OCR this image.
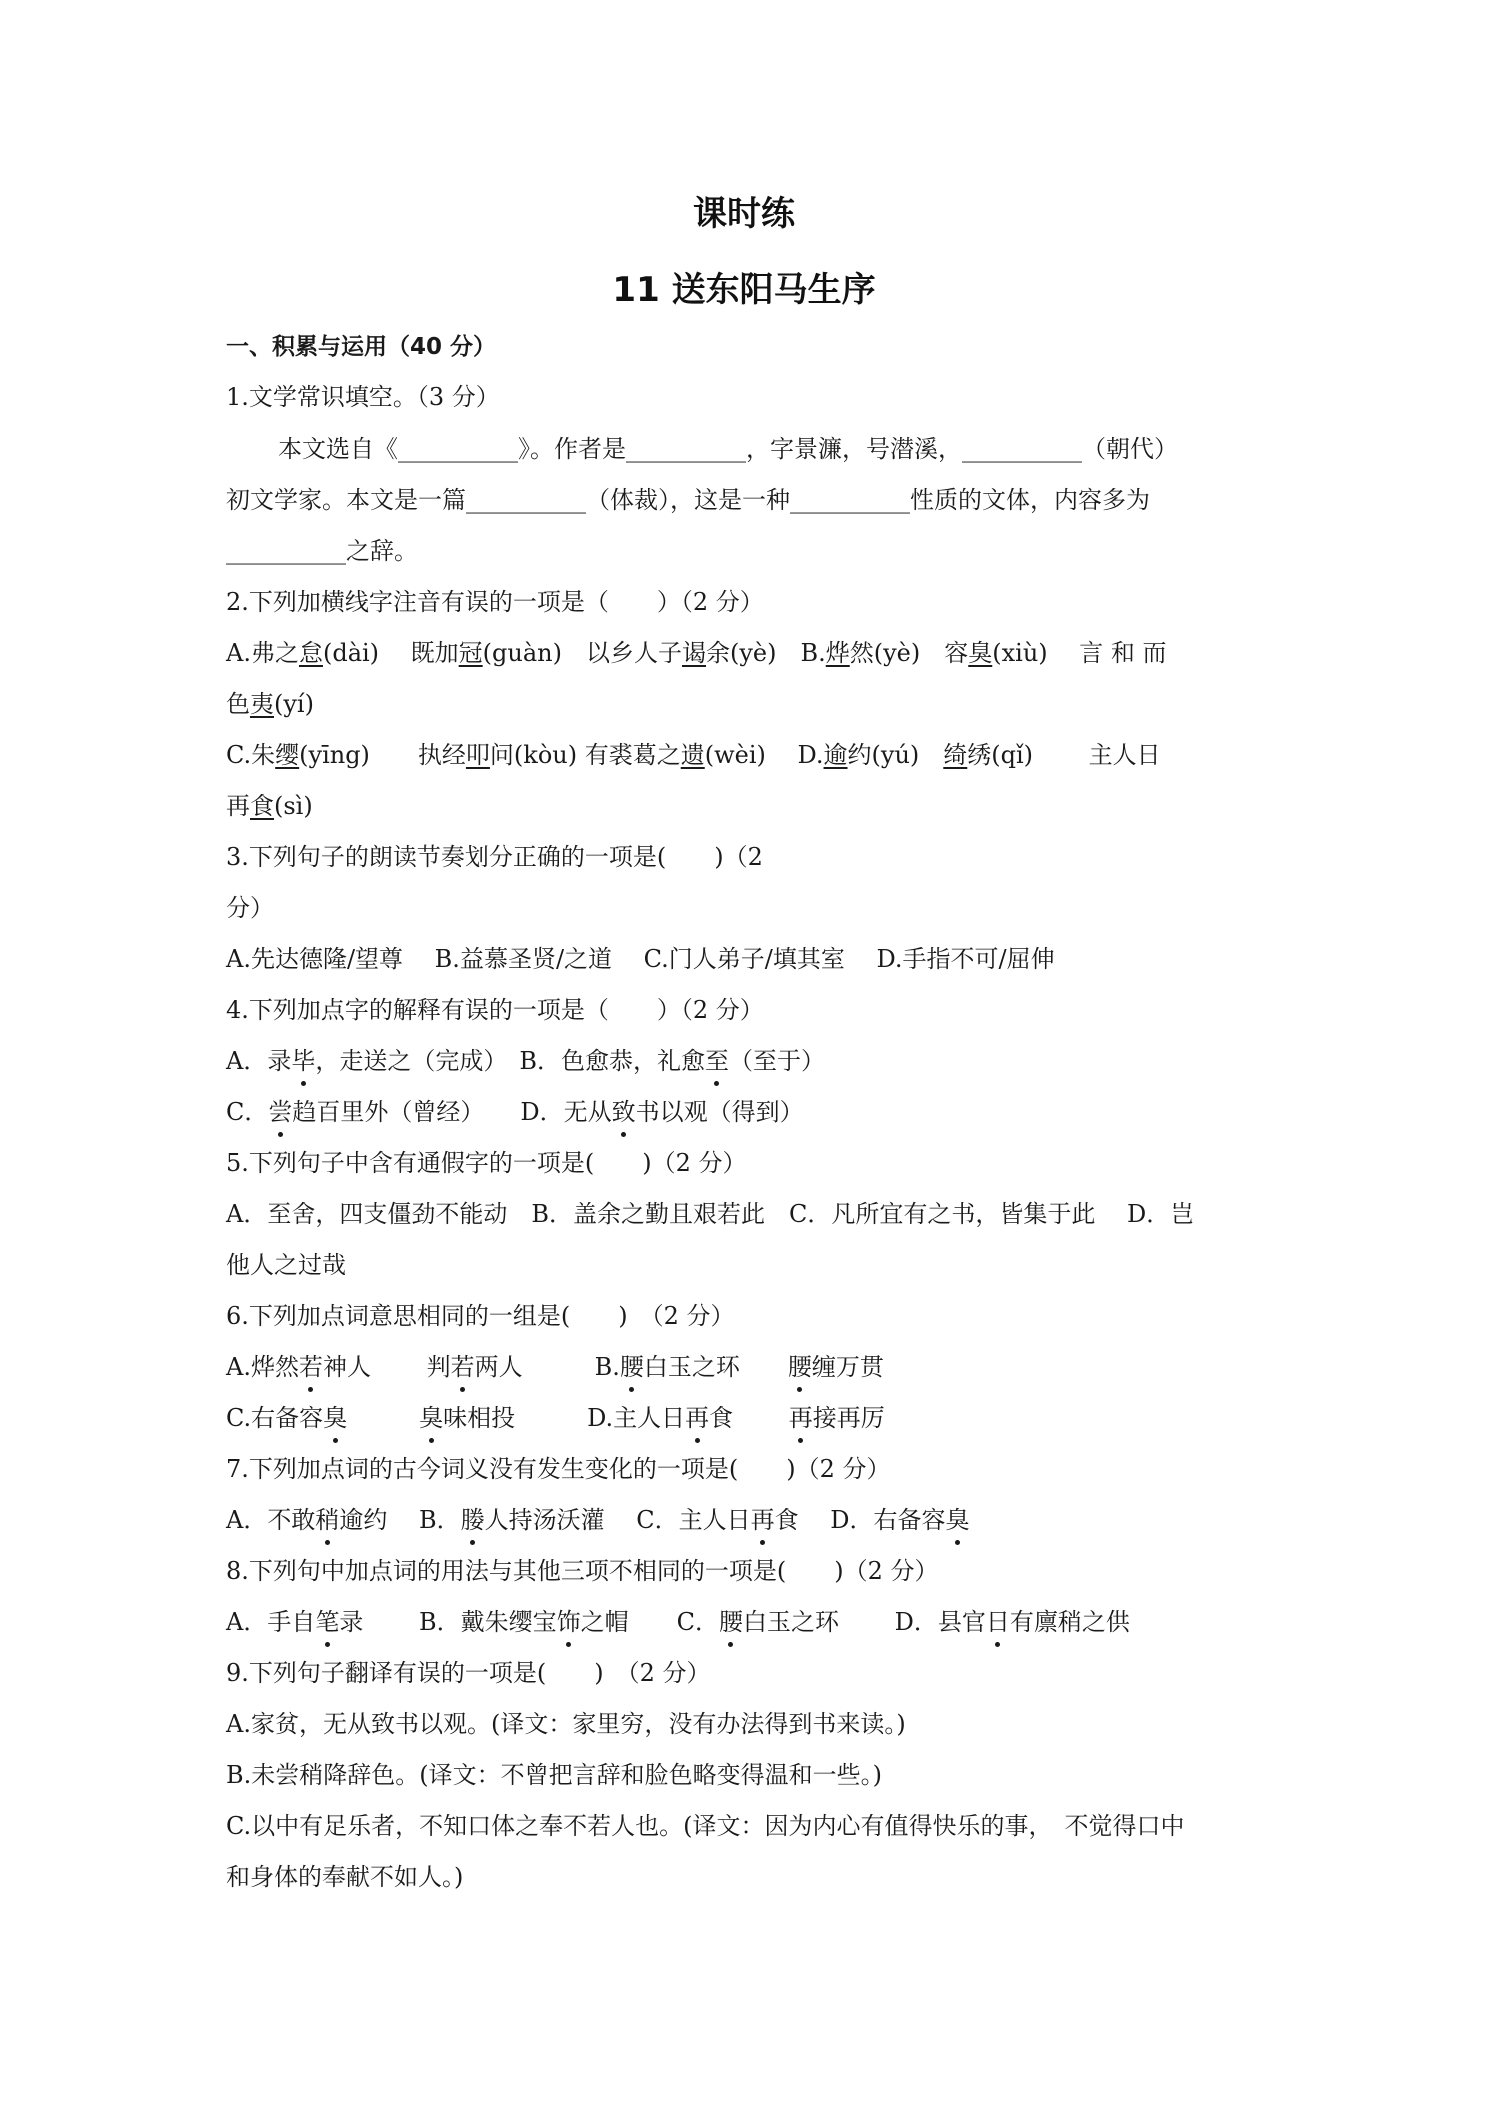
课时练
11 送东阳马生序
一、积累与运用（40 分）
1.文学常识填空。（3 分）
本文选自《__________》。作者是__________，字景濂，号潜溪，__________（朝代）
初文学家。本文是一篇__________（体裁），这是一种__________性质的文体，内容多为
__________之辞。
2.下列加横线字注音有误的一项是（　　）（2 分）
A.弗之怠(dài)　 既加冠(guàn)　以乡人子谒余(yè)　B.烨然(yè)　容臭(xiù)　 言 和 而
色夷(yí)
C.朱缨(yīng)　　执经叩问(kòu) 有裘葛之遗(wèi)　 D.逾约(yú)　绮绣(qǐ)　　 主人日
再食(sì)
3.下列句子的朗读节奏划分正确的一项是(　　)（2
分）
A.先达德隆/望尊　 B.益慕圣贤/之道　 C.门人弟子/填其室　 D.手指不可/屈伸
4.下列加点字的解释有误的一项是（　　）（2 分）
A．录毕，走送之（完成）　B．色愈恭，礼愈至（至于）
C．尝趋百里外（曾经）　　D．无从致书以观（得到）
5.下列句子中含有通假字的一项是(　　)（2 分）
A．至舍，四支僵劲不能动　B．盖余之勤且艰若此　C．凡所宜有之书，皆集于此　 D．岂
他人之过哉
6.下列加点词意思相同的一组是(　　)　（2 分）
A.烨然若神人　　 判若两人　　　B.腰白玉之环　　腰缠万贯
C.右备容臭　　　	臭味相投　　　D.主人日再食　　 再接再厉
7.下列加点词的古今词义没有发生变化的一项是(　　)（2 分）
A．不敢稍逾约　 B．媵人持汤沃灌　 C．主人日再食　 D．右备容臭
8.下列句中加点词的用法与其他三项不相同的一项是(　　)（2 分）
A．手自笔录　　 B．戴朱缨宝饰之帽　　C．腰白玉之环　　 D．县官日有廪稍之供
9.下列句子翻译有误的一项是(　　)　（2 分）
A.家贫，无从致书以观。(译文：家里穷，没有办法得到书来读。)
B.未尝稍降辞色。(译文：不曾把言辞和脸色略变得温和一些。)
C.以中有足乐者，不知口体之奉不若人也。(译文：因为内心有值得快乐的事，　不觉得口中
和身体的奉献不如人。)
